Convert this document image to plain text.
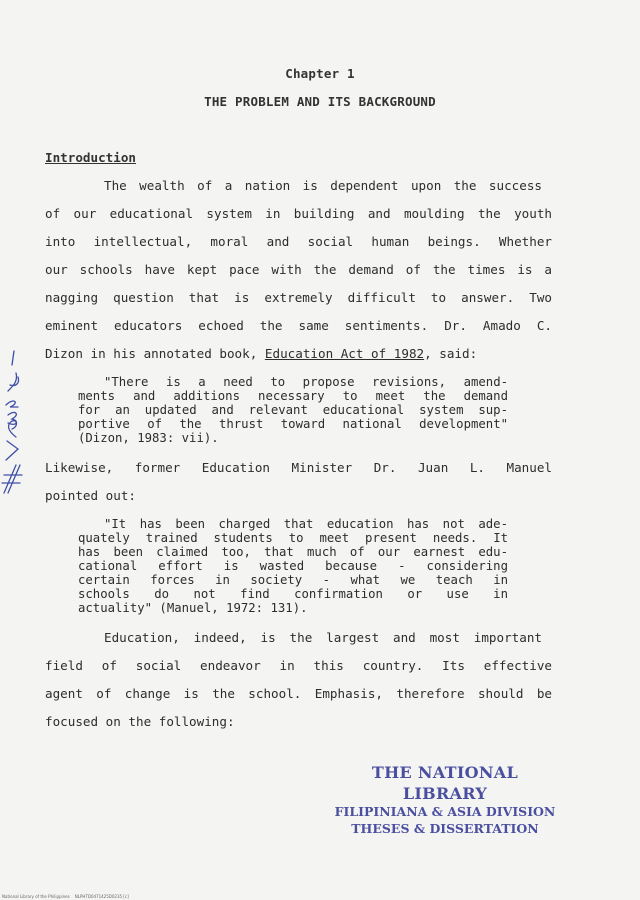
Chapter 1
THE PROBLEM AND ITS BACKGROUND
Introduction
The wealth of a nation is dependent upon the success
of our educational system in building and moulding the youth
into intellectual, moral and social human beings. Whether
our schools have kept pace with the demand of the times is a
nagging question that is extremely difficult to answer. Two
eminent educators echoed the same sentiments. Dr. Amado C.
Dizon in his annotated book, Education Act of 1982, said:
"There is a need to propose revisions, amend-
ments and additions necessary to meet the demand
for an updated and relevant educational system sup-
portive of the thrust toward national development"
(Dizon, 1983: vii).
Likewise, former Education Minister Dr. Juan L. Manuel
pointed out:
"It has been charged that education has not ade-
quately trained students to meet present needs. It
has been claimed too, that much of our earnest edu-
cational effort is wasted because - considering
certain forces in society - what we teach in
schools do not find confirmation or use in
actuality" (Manuel, 1972: 131).
Education, indeed, is the largest and most important
field of social endeavor in this country. Its effective
agent of change is the school. Emphasis, therefore should be
focused on the following:
THE NATIONAL LIBRARY
FILIPINIANA & ASIA DIVISION
THESES & DISSERTATION
National Library of the Philippines    NLPHTD0471425D0235 [c]
